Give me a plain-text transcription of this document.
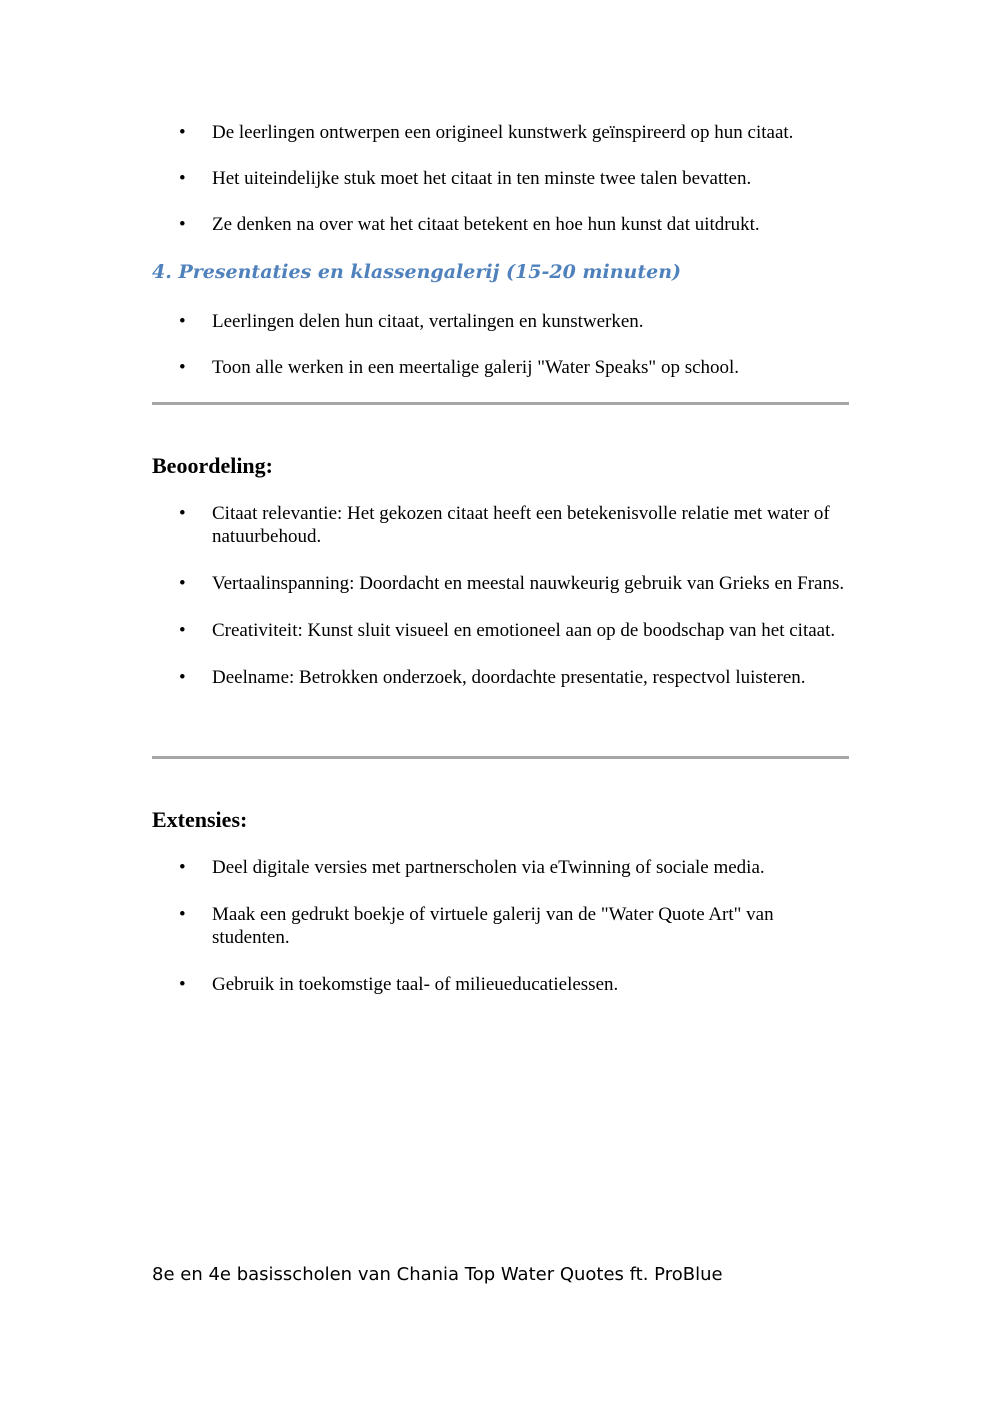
• De leerlingen ontwerpen een origineel kunstwerk geïnspireerd op hun citaat.
• Het uiteindelijke stuk moet het citaat in ten minste twee talen bevatten.
• Ze denken na over wat het citaat betekent en hoe hun kunst dat uitdrukt.
4. Presentaties en klassengalerij (15-20 minuten)
• Leerlingen delen hun citaat, vertalingen en kunstwerken.
• Toon alle werken in een meertalige galerij "Water Speaks" op school.
Beoordeling:
• Citaat relevantie: Het gekozen citaat heeft een betekenisvolle relatie met water of natuurbehoud.
• Vertaalinspanning: Doordacht en meestal nauwkeurig gebruik van Grieks en Frans.
• Creativiteit: Kunst sluit visueel en emotioneel aan op de boodschap van het citaat.
• Deelname: Betrokken onderzoek, doordachte presentatie, respectvol luisteren.
Extensies:
• Deel digitale versies met partnerscholen via eTwinning of sociale media.
• Maak een gedrukt boekje of virtuele galerij van de "Water Quote Art" van studenten.
• Gebruik in toekomstige taal- of milieueducatielessen.
8e en 4e basisscholen van Chania Top Water Quotes ft. ProBlue
